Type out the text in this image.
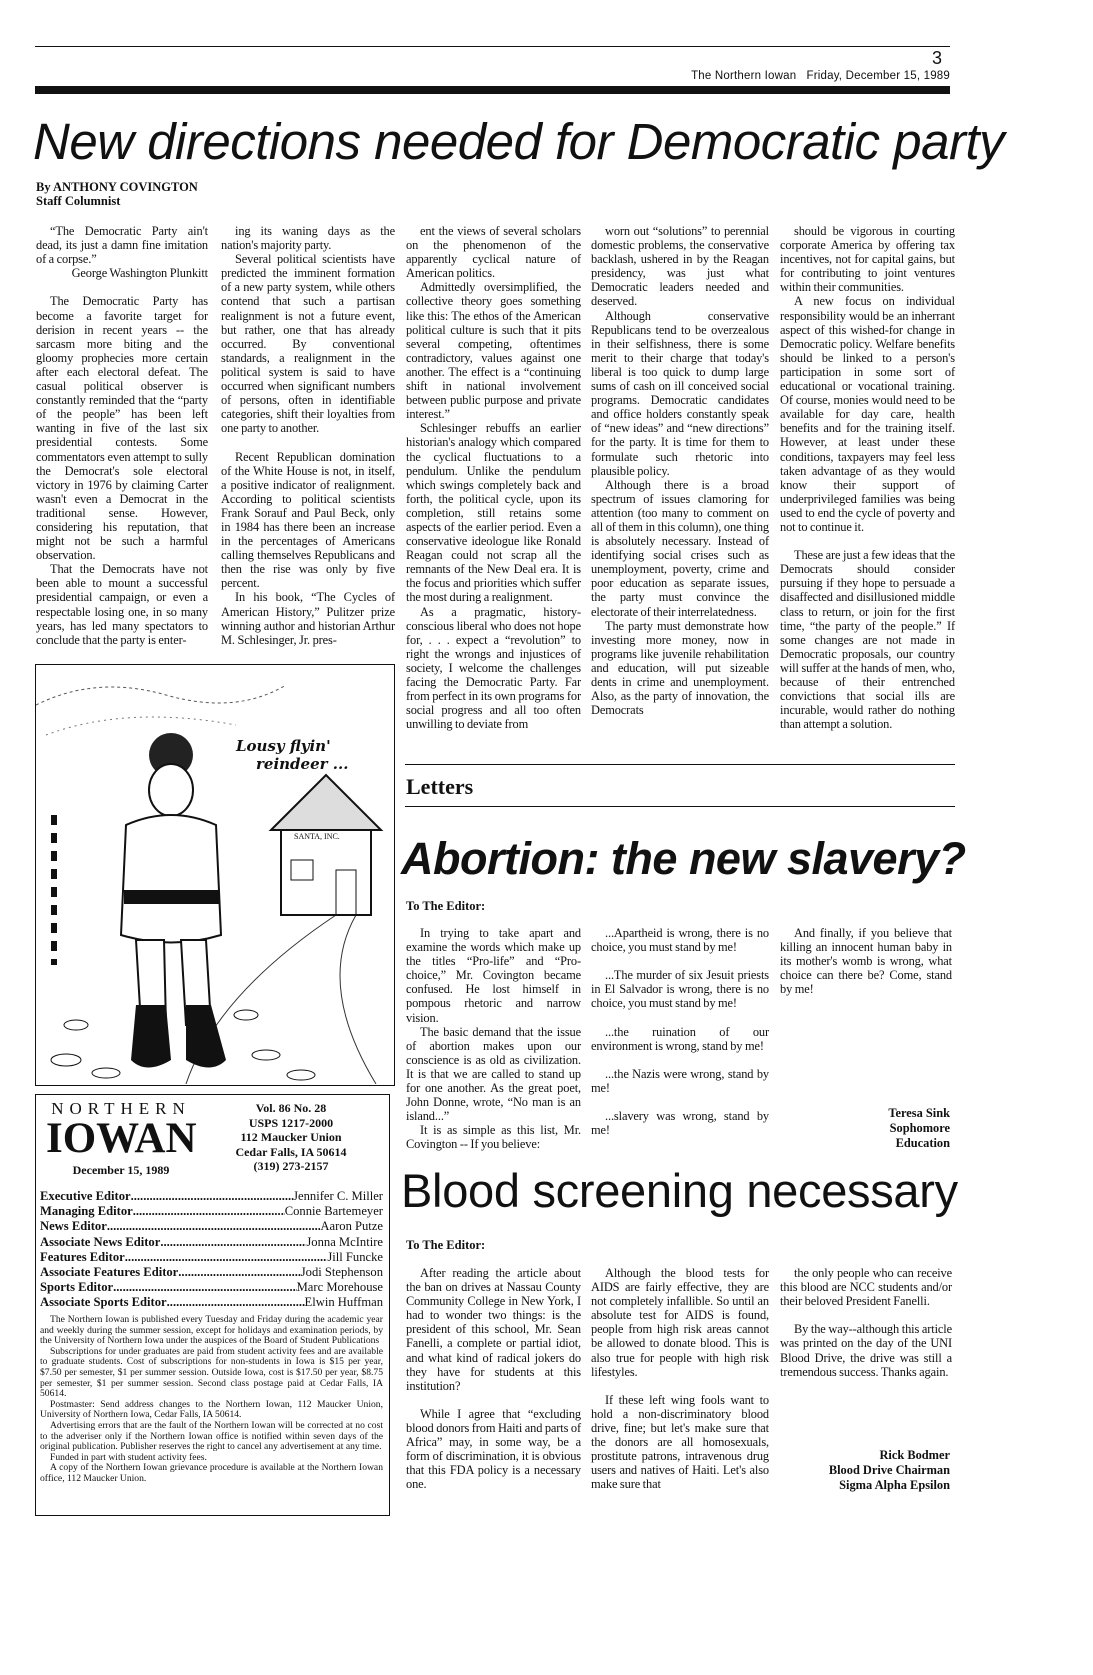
3
The Northern Iowan Friday, December 15, 1989
New directions needed for Democratic party
By ANTHONY COVINGTON
Staff Columnist

“The Democratic Party ain't dead, its just a damn fine imitation of a corpse.”

George Washington Plunkitt

The Democratic Party has become a favorite target for derision in recent years -- the sarcasm more biting and the gloomy prophecies more certain after each electoral defeat. The casual political observer is constantly reminded that the “party of the people” has been left wanting in five of the last six presidential contests. Some commentators even attempt to sully the Democrat's sole electoral victory in 1976 by claiming Carter wasn't even a Democrat in the traditional sense. However, considering his reputation, that might not be such a harmful observation.

That the Democrats have not been able to mount a successful presidential campaign, or even a respectable losing one, in so many years, has led many spectators to conclude that the party is enter-

ing its waning days as the nation's majority party.

Several political scientists have predicted the imminent formation of a new party system, while others contend that such a partisan realignment is not a future event, but rather, one that has already occurred. By conventional standards, a realignment in the political system is said to have occurred when significant numbers of persons, often in identifiable categories, shift their loyalties from one party to another.

Recent Republican domination of the White House is not, in itself, a positive indicator of realignment. According to political scientists Frank Sorauf and Paul Beck, only in 1984 has there been an increase in the percentages of Americans calling themselves Republicans and then the rise was only by five percent.

In his book, “The Cycles of American History,” Pulitzer prize winning author and historian Arthur M. Schlesinger, Jr. pres-

ent the views of several scholars on the phenomenon of the apparently cyclical nature of American politics.

Admittedly oversimplified, the collective theory goes something like this: The ethos of the American political culture is such that it pits several competing, oftentimes contradictory, values against one another. The effect is a “continuing shift in national involvement between public purpose and private interest.”

Schlesinger rebuffs an earlier historian's analogy which compared the cyclical fluctuations to a pendulum. Unlike the pendulum which swings completely back and forth, the political cycle, upon its completion, still retains some aspects of the earlier period. Even a conservative ideologue like Ronald Reagan could not scrap all the remnants of the New Deal era. It is the focus and priorities which suffer the most during a realignment.

As a pragmatic, history-conscious liberal who does not hope for, . . . expect a “revolution” to right the wrongs and injustices of society, I welcome the challenges facing the Democratic Party. Far from perfect in its own programs for social progress and all too often unwilling to deviate from

worn out “solutions” to perennial domestic problems, the conservative backlash, ushered in by the Reagan presidency, was just what Democratic leaders needed and deserved.

Although conservative Republicans tend to be overzealous in their selfishness, there is some merit to their charge that today's liberal is too quick to dump large sums of cash on ill conceived social programs. Democratic candidates and office holders constantly speak of “new ideas” and “new directions” for the party. It is time for them to formulate such rhetoric into plausible policy.

Although there is a broad spectrum of issues clamoring for attention (too many to comment on all of them in this column), one thing is absolutely necessary. Instead of identifying social crises such as unemployment, poverty, crime and poor education as separate issues, the party must convince the electorate of their interrelatedness.

The party must demonstrate how investing more money, now in programs like juvenile rehabilitation and education, will put sizeable dents in crime and unemployment. Also, as the party of innovation, the Democrats

should be vigorous in courting corporate America by offering tax incentives, not for capital gains, but for contributing to joint ventures within their communities.

A new focus on individual responsibility would be an inherrant aspect of this wished-for change in Democratic policy. Welfare benefits should be linked to a person's participation in some sort of educational or vocational training. Of course, monies would need to be available for day care, health benefits and for the training itself. However, at least under these conditions, taxpayers may feel less taken advantage of as they would know their support of underprivileged families was being used to end the cycle of poverty and not to continue it.

These are just a few ideas that the Democrats should consider pursuing if they hope to persuade a disaffected and disillusioned middle class to return, or join for the first time, “the party of the people.” If some changes are not made in Democratic proposals, our country will suffer at the hands of men, who, because of their entrenched convictions that social ills are incurable, would rather do nothing than attempt a solution.

Lousy flyin'
reindeer ...
SANTA, INC.
NORTHERN
IOWAN
December 15, 1989
Vol. 86 No. 28
USPS 1217-2000
112 Maucker Union
Cedar Falls, IA 50614
(319) 273-2157
Executive Editor .....	Jennifer C. Miller
Managing Editor .....	Connie Bartemeyer
News Editor .....	Aaron Putze
Associate News Editor .....	Jonna McIntire
Features Editor .....	Jill Funcke
Associate Features Editor .....	Jodi Stephenson
Sports Editor .....	Marc Morehouse
Associate Sports Editor .....	Elwin Huffman

The Northern Iowan is published every Tuesday and Friday during the academic year and weekly during the summer session, except for holidays and examination periods, by the University of Northern Iowa under the auspices of the Board of Student Publications

Subscriptions for under graduates are paid from student activity fees and are available to graduate students. Cost of subscriptions for non-students in Iowa is $15 per year, $7.50 per semester, $1 per summer session. Outside Iowa, cost is $17.50 per year, $8.75 per semester, $1 per summer session. Second class postage paid at Cedar Falls, IA 50614.

Postmaster: Send address changes to the Northern Iowan, 112 Maucker Union, University of Northern Iowa, Cedar Falls, IA 50614.

Advertising errors that are the fault of the Northern Iowan will be corrected at no cost to the adveriser only if the Northern Iowan office is notified within seven days of the original publication. Publisher reserves the right to cancel any advertisement at any time.

Funded in part with student activity fees.

A copy of the Northern Iowan grievance procedure is available at the Northern Iowan office, 112 Maucker Union.

Letters
Abortion: the new slavery?
To The Editor:

In trying to take apart and examine the words which make up the titles “Pro-life” and “Pro-choice,” Mr. Covington became confused. He lost himself in pompous rhetoric and narrow vision.

The basic demand that the issue of abortion makes upon our conscience is as old as civilization. It is that we are called to stand up for one another. As the great poet, John Donne, wrote, “No man is an island...”

It is as simple as this list, Mr. Covington -- If you believe:

...Apartheid is wrong, there is no choice, you must stand by me!

...The murder of six Jesuit priests in El Salvador is wrong, there is no choice, you must stand by me!

...the ruination of our environment is wrong, stand by me!

...the Nazis were wrong, stand by me!

...slavery was wrong, stand by me!

And finally, if you believe that killing an innocent human baby in its mother's womb is wrong, what choice can there be? Come, stand by me!

Teresa Sink
Sophomore
Education
Blood screening necessary
To The Editor:

After reading the article about the ban on drives at Nassau County Community College in New York, I had to wonder two things: is the president of this school, Mr. Sean Fanelli, a complete or partial idiot, and what kind of radical jokers do they have for students at this institution?

While I agree that “excluding blood donors from Haiti and parts of Africa” may, in some way, be a form of discrimination, it is obvious that this FDA policy is a necessary one.

Although the blood tests for AIDS are fairly effective, they are not completely infallible. So until an absolute test for AIDS is found, people from high risk areas cannot be allowed to donate blood. This is also true for people with high risk lifestyles.

If these left wing fools want to hold a non-discriminatory blood drive, fine; but let's make sure that the donors are all homosexuals, prostitute patrons, intravenous drug users and natives of Haiti. Let's also make sure that

the only people who can receive this blood are NCC students and/or their beloved President Fanelli.

By the way--although this article was printed on the day of the UNI Blood Drive, the drive was still a tremendous success. Thanks again.

Rick Bodmer
Blood Drive Chairman
Sigma Alpha Epsilon
